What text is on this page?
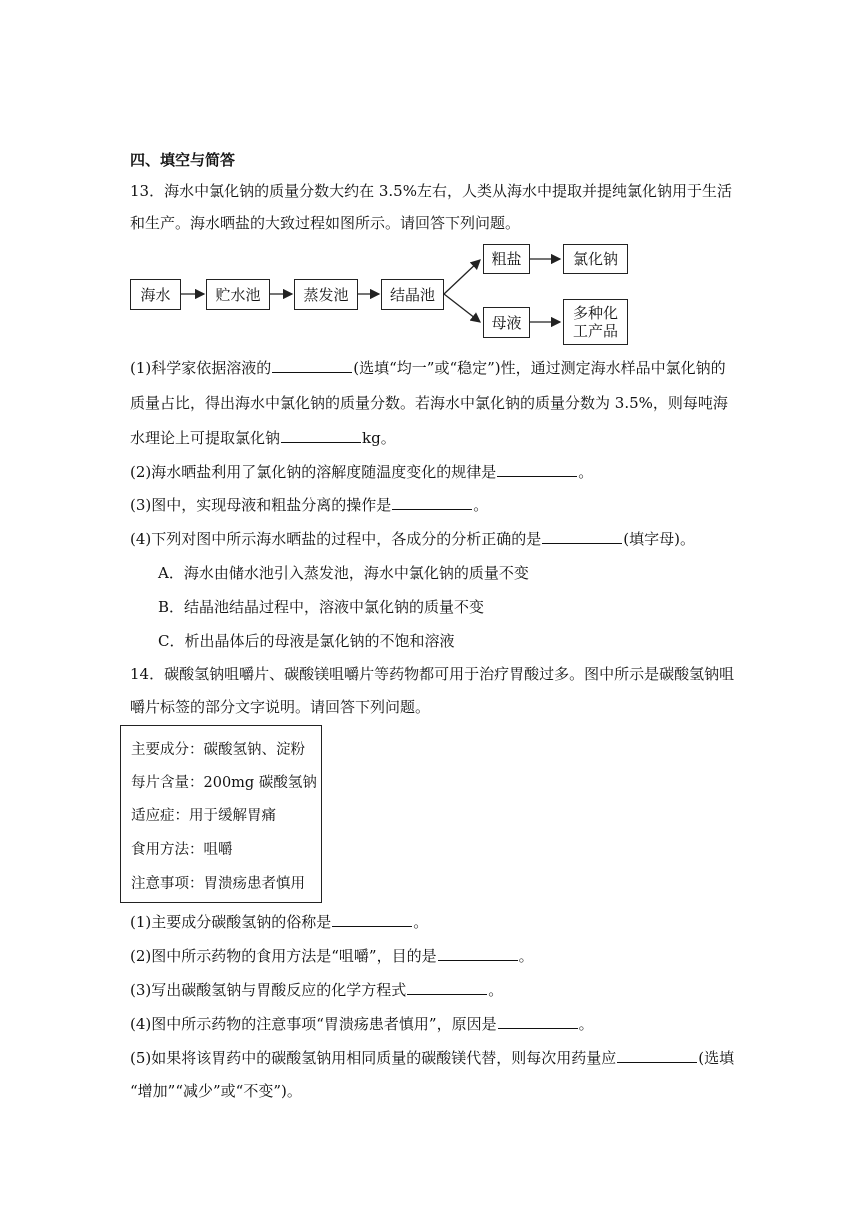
四、填空与简答
13．海水中氯化钠的质量分数大约在 3.5%左右，人类从海水中提取并提纯氯化钠用于生活
和生产。海水晒盐的大致过程如图所示。请回答下列问题。
海水	贮水池	蒸发池	结晶池
粗盐	氯化钠
母液
多种化
工产品
(1)科学家依据溶液的	(选填“均一”或“稳定”)性，通过测定海水样品中氯化钠的
质量占比，得出海水中氯化钠的质量分数。若海水中氯化钠的质量分数为 3.5%，则每吨海
水理论上可提取氯化钠	kg。
(2)海水晒盐利用了氯化钠的溶解度随温度变化的规律是	。
(3)图中，实现母液和粗盐分离的操作是	。
(4)下列对图中所示海水晒盐的过程中，各成分的分析正确的是	(填字母)。
A．海水由储水池引入蒸发池，海水中氯化钠的质量不变
B．结晶池结晶过程中，溶液中氯化钠的质量不变
C．析出晶体后的母液是氯化钠的不饱和溶液
14．碳酸氢钠咀嚼片、碳酸镁咀嚼片等药物都可用于治疗胃酸过多。图中所示是碳酸氢钠咀
嚼片标签的部分文字说明。请回答下列问题。
主要成分：碳酸氢钠、淀粉
每片含量：200mg 碳酸氢钠
适应症：用于缓解胃痛
食用方法：咀嚼
注意事项：胃溃疡患者慎用
(1)主要成分碳酸氢钠的俗称是	。
(2)图中所示药物的食用方法是“咀嚼”，目的是	。
(3)写出碳酸氢钠与胃酸反应的化学方程式	。
(4)图中所示药物的注意事项“胃溃疡患者慎用”，原因是	。
(5)如果将该胃药中的碳酸氢钠用相同质量的碳酸镁代替，则每次用药量应	(选填
“增加”“减少”或“不变”)。
